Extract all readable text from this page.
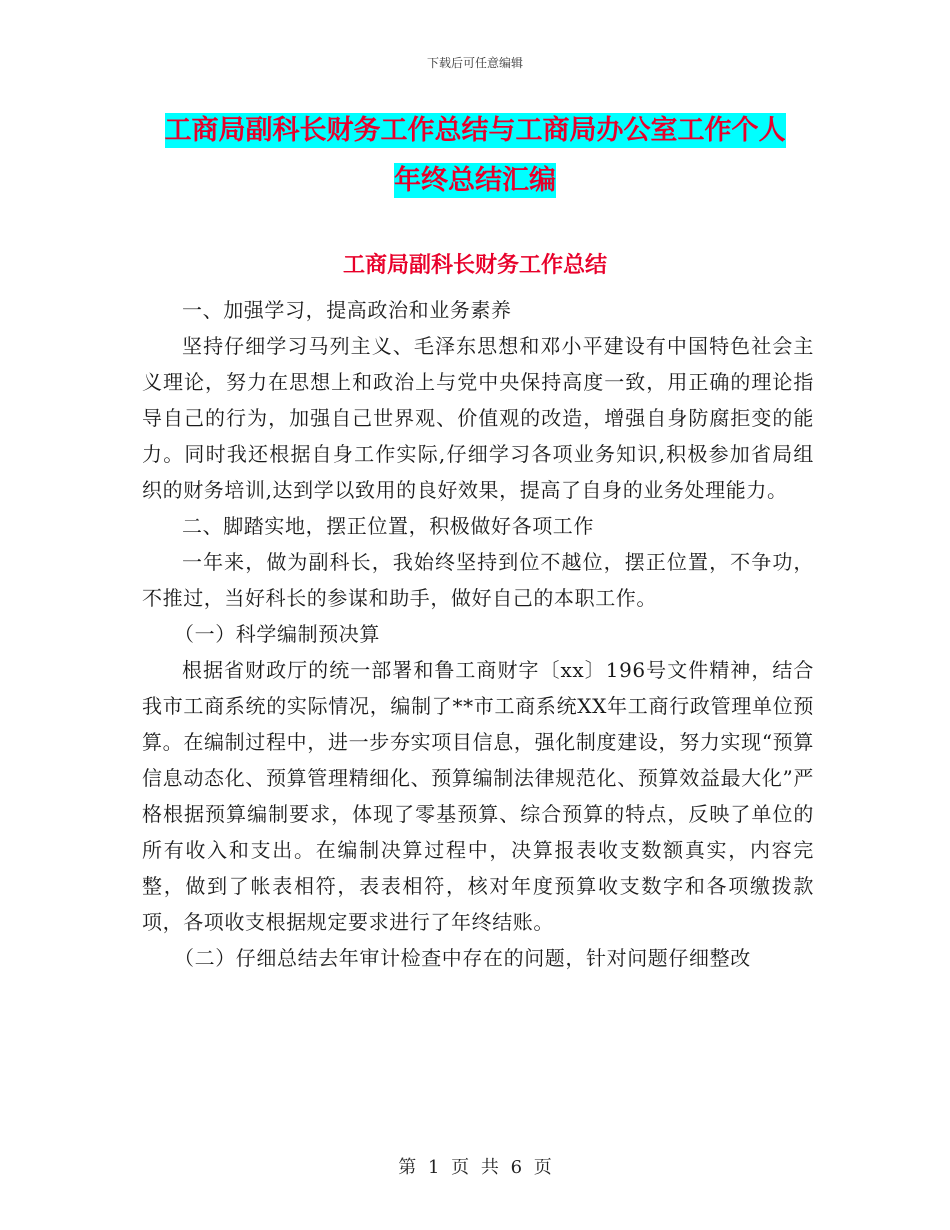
下载后可任意编辑
工商局副科长财务工作总结与工商局办公室工作个人
年终总结汇编
工商局副科长财务工作总结

一、加强学习，提高政治和业务素养

坚持仔细学习马列主义、毛泽东思想和邓小平建设有中国特色社会主义理论，努力在思想上和政治上与党中央保持高度一致，用正确的理论指导自己的行为，加强自己世界观、价值观的改造，增强自身防腐拒变的能力。同时我还根据自身工作实际,仔细学习各项业务知识,积极参加省局组织的财务培训,达到学以致用的良好效果，提高了自身的业务处理能力。

二、脚踏实地，摆正位置，积极做好各项工作

一年来，做为副科长，我始终坚持到位不越位，摆正位置，不争功，不推过，当好科长的参谋和助手，做好自己的本职工作。

（一）科学编制预决算

根据省财政厅的统一部署和鲁工商财字〔xx〕196号文件精神，结合我市工商系统的实际情况，编制了**市工商系统XX年工商行政管理单位预算。在编制过程中，进一步夯实项目信息，强化制度建设，努力实现“预算信息动态化、预算管理精细化、预算编制法律规范化、预算效益最大化”严格根据预算编制要求，体现了零基预算、综合预算的特点，反映了单位的所有收入和支出。在编制决算过程中，决算报表收支数额真实，内容完整，做到了帐表相符，表表相符，核对年度预算收支数字和各项缴拨款项，各项收支根据规定要求进行了年终结账。

（二）仔细总结去年审计检查中存在的问题，针对问题仔细整改

第 1 页 共 6 页
